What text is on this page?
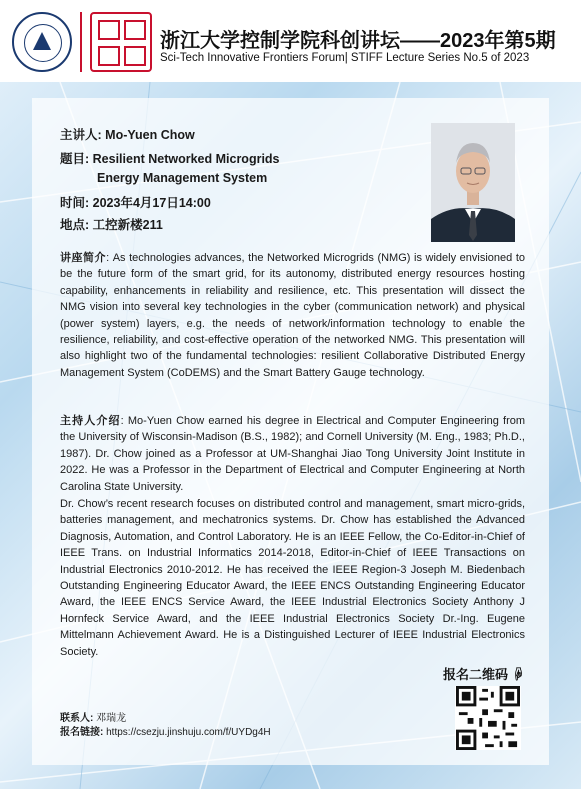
浙江大学控制学院科创讲坛——2023年第5期
Sci-Tech Innovative Frontiers Forum| STIFF Lecture Series No.5 of 2023
主讲人: Mo-Yuen Chow
题目: Resilient Networked Microgrids
Energy Management System
时间: 2023年4月17日14:00
地点: 工控新楼211
讲座简介: As technologies advances, the Networked Microgrids (NMG) is widely envisioned to be the future form of the smart grid, for its autonomy, distributed energy resources hosting capability, enhancements in reliability and resilience, etc. This presentation will dissect the NMG vision into several key technologies in the cyber (communication network) and physical (power system) layers, e.g. the needs of network/information technology to enable the resilience, reliability, and cost-effective operation of the networked NMG. This presentation will also highlight two of the fundamental technologies: resilient Collaborative Distributed Energy Management System (CoDEMS) and the Smart Battery Gauge technology.
主持人介绍: Mo-Yuen Chow earned his degree in Electrical and Computer Engineering from the University of Wisconsin-Madison (B.S., 1982); and Cornell University (M. Eng., 1983; Ph.D., 1987). Dr. Chow joined as a Professor at UM-Shanghai Jiao Tong University Joint Institute in 2022. He was a Professor in the Department of Electrical and Computer Engineering at North Carolina State University.
Dr. Chow’s recent research focuses on distributed control and management, smart micro-grids, batteries management, and mechatronics systems. Dr. Chow has established the Advanced Diagnosis, Automation, and Control Laboratory. He is an IEEE Fellow, the Co-Editor-in-Chief of IEEE Trans. on Industrial Informatics 2014-2018, Editor-in-Chief of IEEE Transactions on Industrial Electronics 2010-2012. He has received the IEEE Region-3 Joseph M. Biedenbach Outstanding Engineering Educator Award, the IEEE ENCS Outstanding Engineering Educator Award, the IEEE ENCS Service Award, the IEEE Industrial Electronics Society Anthony J Hornfeck Service Award, and the IEEE Industrial Electronics Society Dr.-Ing. Eugene Mittelmann Achievement Award. He is a Distinguished Lecturer of IEEE Industrial Electronics Society.
报名二维码 ☟
联系人: 邓瑞龙
报名链接: https://csezju.jinshuju.com/f/UYDg4H
